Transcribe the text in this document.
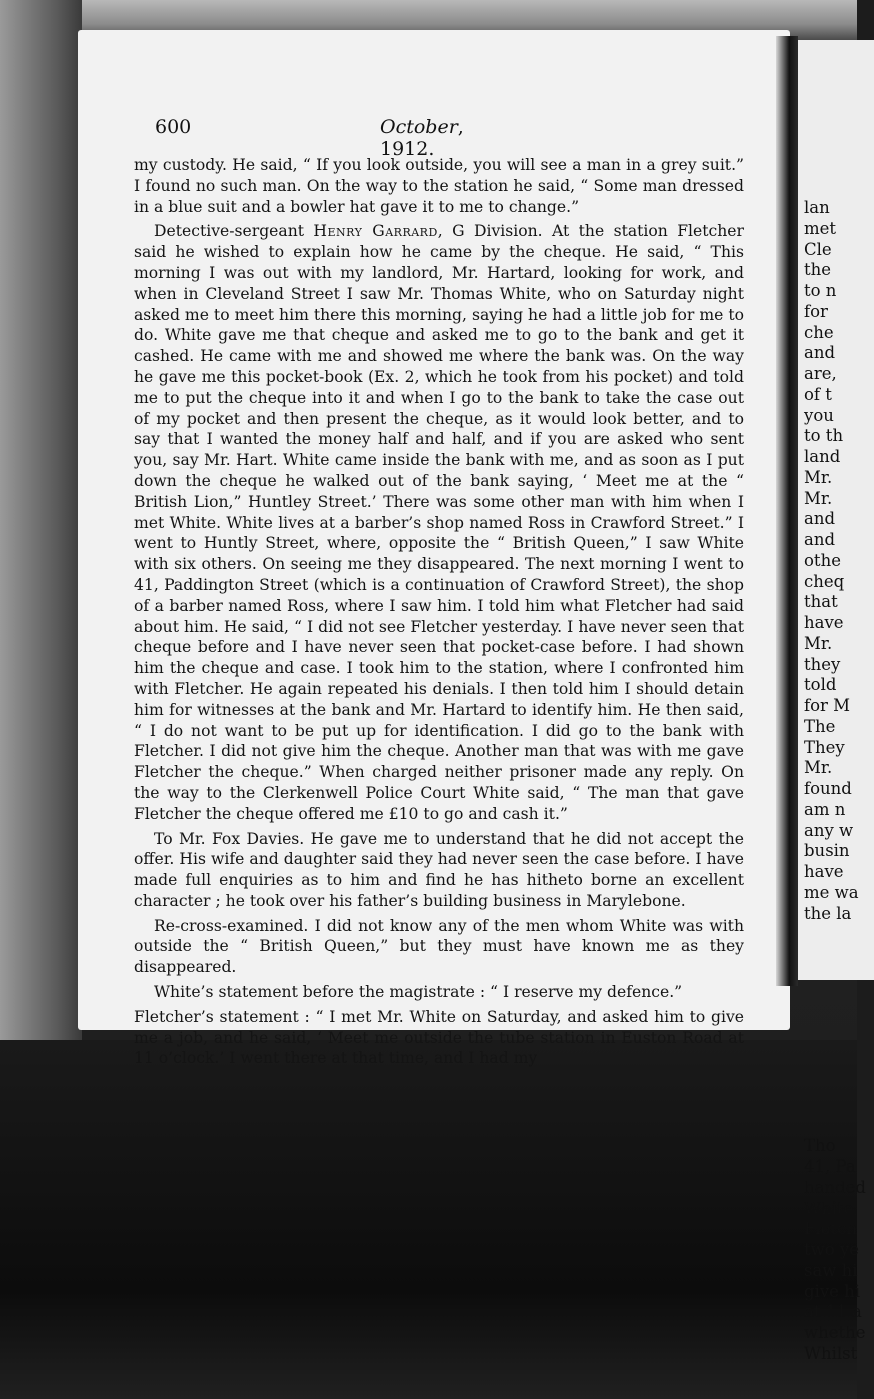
lan
met
Cle
the
to n
for
che
and
are,
of t
you
to th
land
Mr.
Mr.
and
and
othe
cheq
that
have
Mr.
they
told
for M
The
They
Mr.
found
am n
any w
busin
have
me wa
the la
Tho
41, Pa
handed
White,
Fletch
two ye
saw hi
give hi
at 11 a
whethe
Whilst
600	October, 1912.

my custody. He said, “ If you look outside, you will see a man in a grey suit.” I found no such man. On the way to the station he said, “ Some man dressed in a blue suit and a bowler hat gave it to me to change.”

Detective-sergeant Henry Garrard, G Division. At the station Fletcher said he wished to explain how he came by the cheque. He said, “ This morning I was out with my landlord, Mr. Hartard, looking for work, and when in Cleveland Street I saw Mr. Thomas White, who on Saturday night asked me to meet him there this morning, saying he had a little job for me to do. White gave me that cheque and asked me to go to the bank and get it cashed. He came with me and showed me where the bank was. On the way he gave me this pocket-book (Ex. 2, which he took from his pocket) and told me to put the cheque into it and when I go to the bank to take the case out of my pocket and then present the cheque, as it would look better, and to say that I wanted the money half and half, and if you are asked who sent you, say Mr. Hart. White came inside the bank with me, and as soon as I put down the cheque he walked out of the bank saying, ‘ Meet me at the “ British Lion,” Huntley Street.’ There was some other man with him when I met White. White lives at a barber’s shop named Ross in Crawford Street.” I went to Huntly Street, where, opposite the “ British Queen,” I saw White with six others. On seeing me they disappeared. The next morning I went to 41, Paddington Street (which is a continuation of Crawford Street), the shop of a barber named Ross, where I saw him. I told him what Fletcher had said about him. He said, “ I did not see Fletcher yesterday. I have never seen that cheque before and I have never seen that pocket-case before. I had shown him the cheque and case. I took him to the station, where I confronted him with Fletcher. He again repeated his denials. I then told him I should detain him for witnesses at the bank and Mr. Hartard to identify him. He then said, “ I do not want to be put up for identification. I did go to the bank with Fletcher. I did not give him the cheque. Another man that was with me gave Fletcher the cheque.” When charged neither prisoner made any reply. On the way to the Clerkenwell Police Court White said, “ The man that gave Fletcher the cheque offered me £10 to go and cash it.”

To Mr. Fox Davies. He gave me to understand that he did not accept the offer. His wife and daughter said they had never seen the case before. I have made full enquiries as to him and find he has hitheto borne an excellent character ; he took over his father’s building business in Marylebone.

Re-cross-examined. I did not know any of the men whom White was with outside the “ British Queen,” but they must have known me as they disappeared.

White’s statement before the magistrate : “ I reserve my defence.”

Fletcher’s statement : “ I met Mr. White on Saturday, and asked him to give me a job, and he said, ‘ Meet me outside the tube station in Euston Road at 11 o’clock.’ I went there at that time, and I had my
